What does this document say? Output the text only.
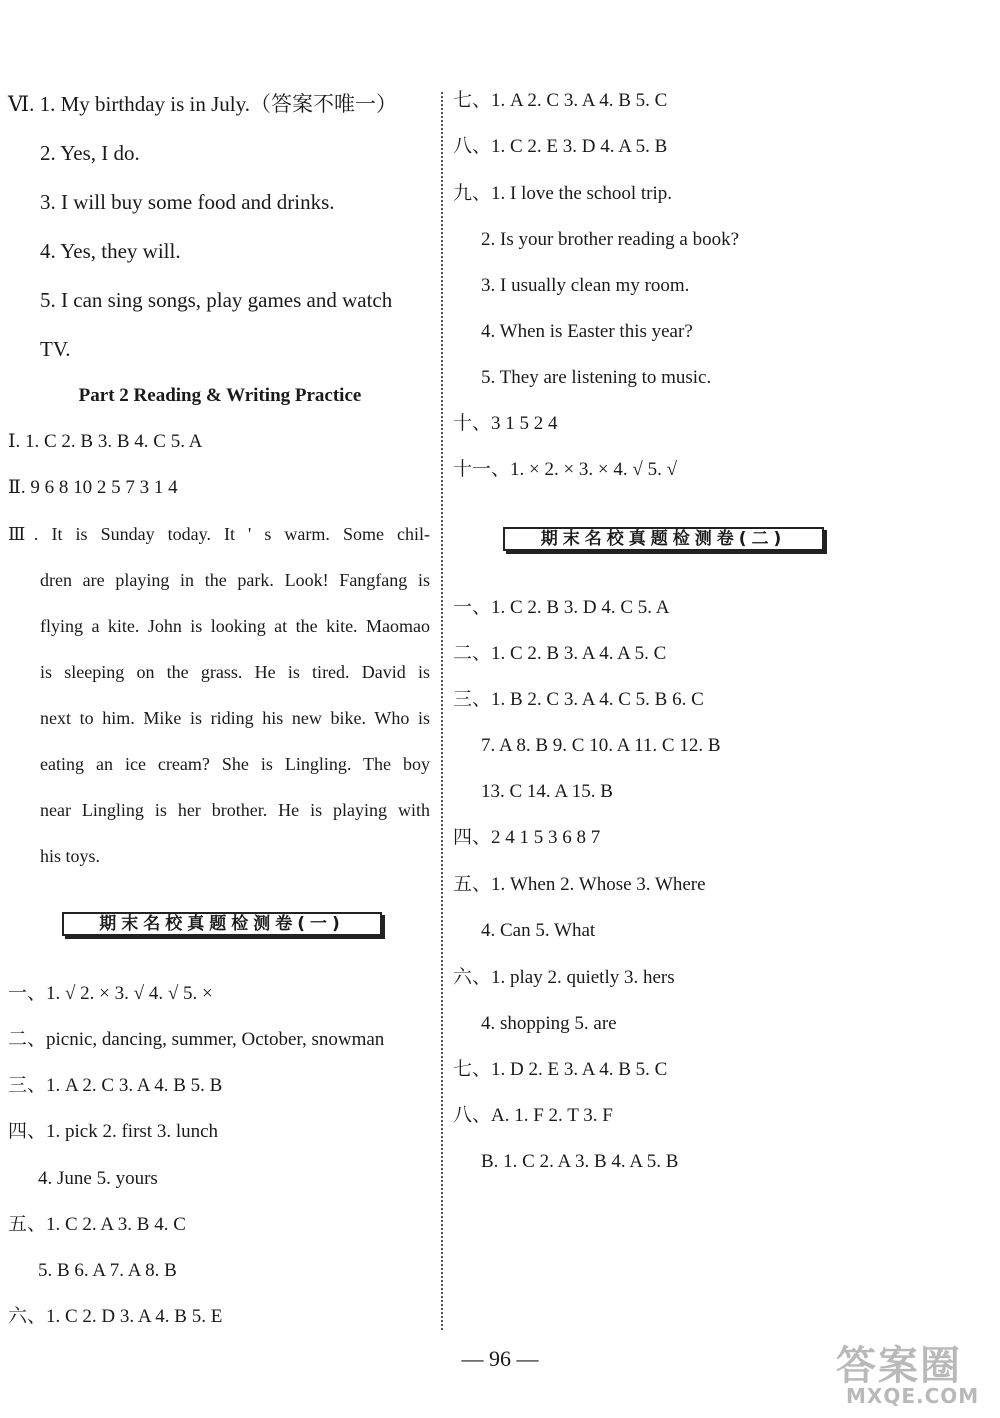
Ⅵ. 1. My birthday is in July.（答案不唯一）
2. Yes, I do.
3. I will buy some food and drinks.
4. Yes, they will.
5. I can sing songs, play games and watch
TV.
Part 2 Reading & Writing Practice
Ⅰ. 1. C 2. B 3. B 4. C 5. A
Ⅱ. 9 6 8 10 2 5 7 3 1 4
Ⅲ. It is Sunday today. It ' s warm. Some chil-
dren are playing in the park. Look! Fangfang is
flying a kite. John is looking at the kite. Maomao
is sleeping on the grass. He is tired. David is
next to him. Mike is riding his new bike. Who is
eating an ice cream? She is Lingling. The boy
near Lingling is her brother. He is playing with
his toys.
期末名校真题检测卷(一)
一、1. √ 2. × 3. √ 4. √ 5. ×
二、picnic, dancing, summer, October, snowman
三、1. A 2. C 3. A 4. B 5. B
四、1. pick 2. first 3. lunch
4. June 5. yours
五、1. C 2. A 3. B 4. C
5. B 6. A 7. A 8. B
六、1. C 2. D 3. A 4. B 5. E
七、1. A 2. C 3. A 4. B 5. C
八、1. C 2. E 3. D 4. A 5. B
九、1. I love the school trip.
2. Is your brother reading a book?
3. I usually clean my room.
4. When is Easter this year?
5. They are listening to music.
十、3 1 5 2 4
十一、1. × 2. × 3. × 4. √ 5. √
期末名校真题检测卷(二)
一、1. C 2. B 3. D 4. C 5. A
二、1. C 2. B 3. A 4. A 5. C
三、1. B 2. C 3. A 4. C 5. B 6. C
7. A 8. B 9. C 10. A 11. C 12. B
13. C 14. A 15. B
四、2 4 1 5 3 6 8 7
五、1. When 2. Whose 3. Where
4. Can 5. What
六、1. play 2. quietly 3. hers
4. shopping 5. are
七、1. D 2. E 3. A 4. B 5. C
八、A. 1. F 2. T 3. F
B. 1. C 2. A 3. B 4. A 5. B
— 96 —	答案圈
MXQE.COM
